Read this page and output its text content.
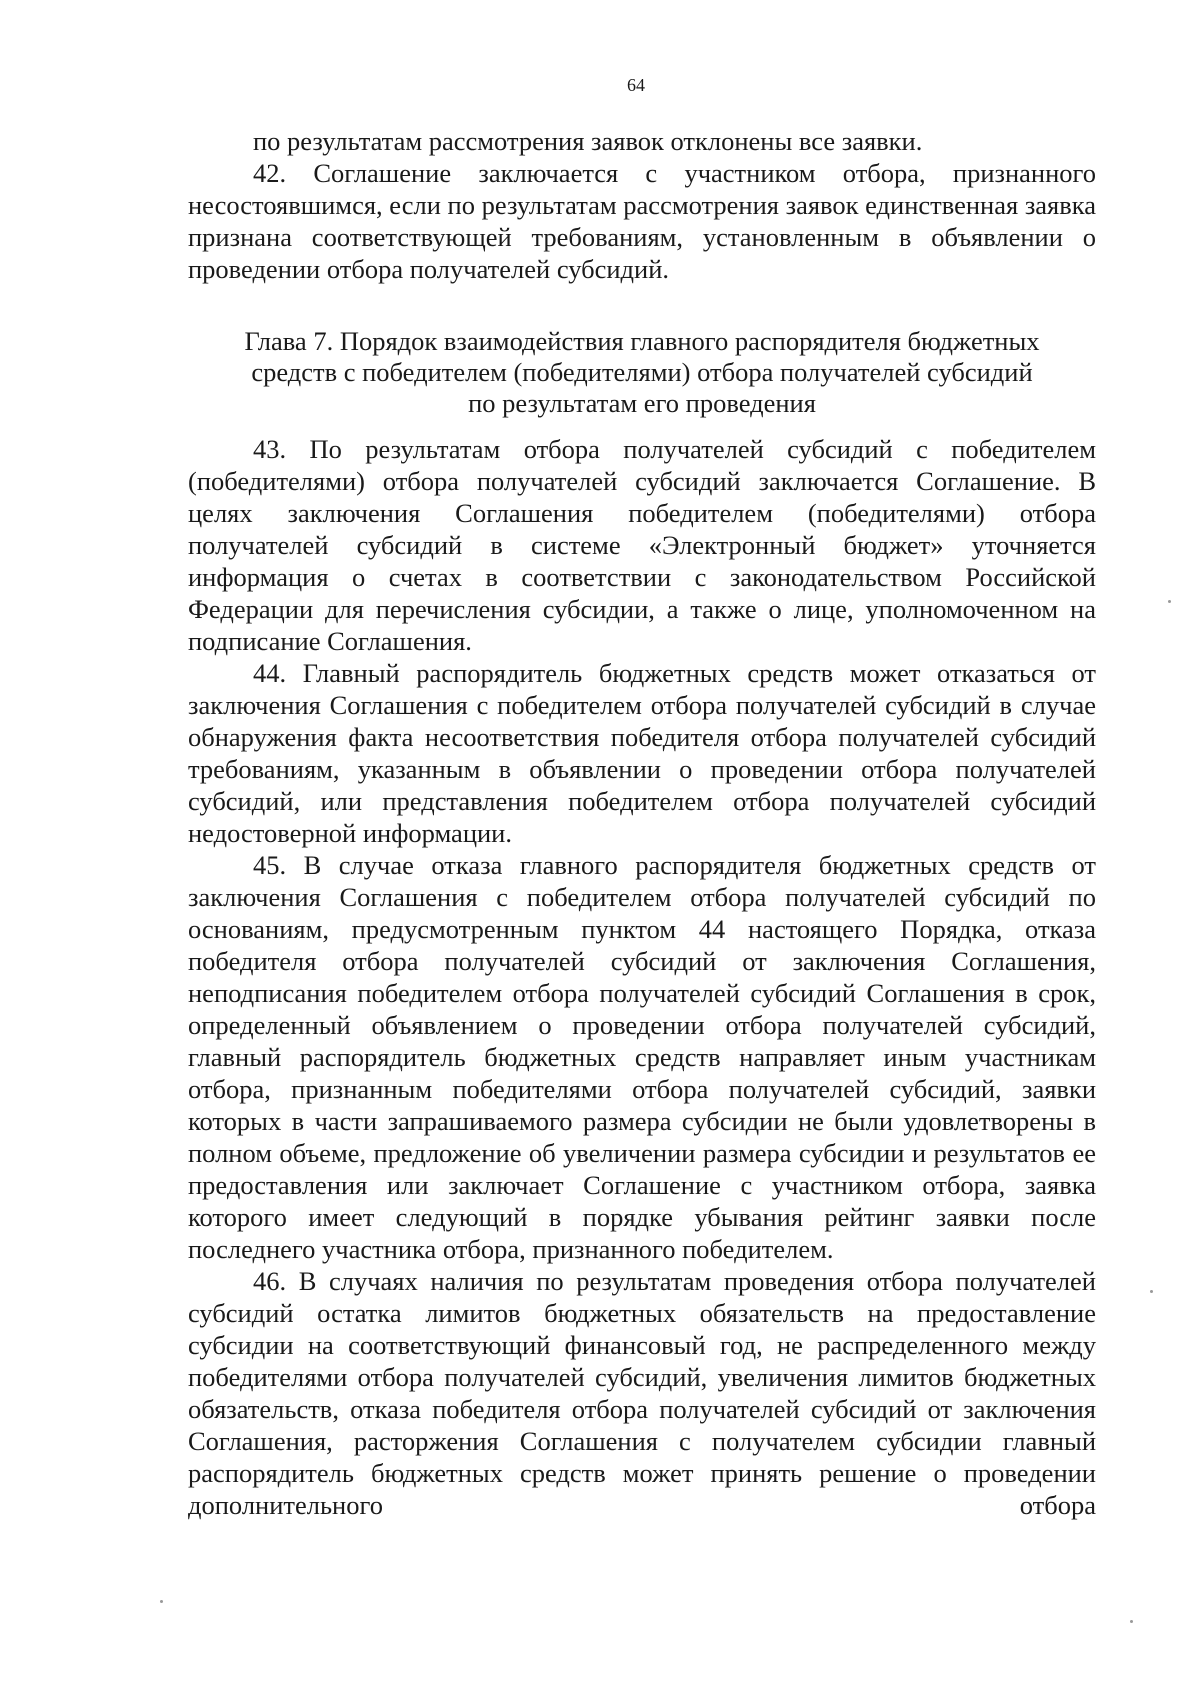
64

по результатам рассмотрения заявок отклонены все заявки.

42. Соглашение заключается с участником отбора, признанного несостоявшимся, если по результатам рассмотрения заявок единственная заявка признана соответствующей требованиям, установленным в объявлении о проведении отбора получателей субсидий.

Глава 7. Порядок взаимодействия главного распорядителя бюджетных
средств с победителем (победителями) отбора получателей субсидий
по результатам его проведения

43. По результатам отбора получателей субсидий с победителем (победителями) отбора получателей субсидий заключается Соглашение. В целях заключения Соглашения победителем (победителями) отбора получателей субсидий в системе «Электронный бюджет» уточняется информация о счетах в соответствии с законодательством Российской Федерации для перечисления субсидии, а также о лице, уполномоченном на подписание Соглашения.

44. Главный распорядитель бюджетных средств может отказаться от заключения Соглашения с победителем отбора получателей субсидий в случае обнаружения факта несоответствия победителя отбора получателей субсидий требованиям, указанным в объявлении о проведении отбора получателей субсидий, или представления победителем отбора получателей субсидий недостоверной информации.

45. В случае отказа главного распорядителя бюджетных средств от заключения Соглашения с победителем отбора получателей субсидий по основаниям, предусмотренным пунктом 44 настоящего Порядка, отказа победителя отбора получателей субсидий от заключения Соглашения, неподписания победителем отбора получателей субсидий Соглашения в срок, определенный объявлением о проведении отбора получателей субсидий, главный распорядитель бюджетных средств направляет иным участникам отбора, признанным победителями отбора получателей субсидий, заявки которых в части запрашиваемого размера субсидии не были удовлетворены в полном объеме, предложение об увеличении размера субсидии и результатов ее предоставления или заключает Соглашение с участником отбора, заявка которого имеет следующий в порядке убывания рейтинг заявки после последнего участника отбора, признанного победителем.

46. В случаях наличия по результатам проведения отбора получателей субсидий остатка лимитов бюджетных обязательств на предоставление субсидии на соответствующий финансовый год, не распределенного между победителями отбора получателей субсидий, увеличения лимитов бюджетных обязательств, отказа победителя отбора получателей субсидий от заключения Соглашения, расторжения Соглашения с получателем субсидии главный распорядитель бюджетных средств может принять решение о проведении дополнительного отбора
